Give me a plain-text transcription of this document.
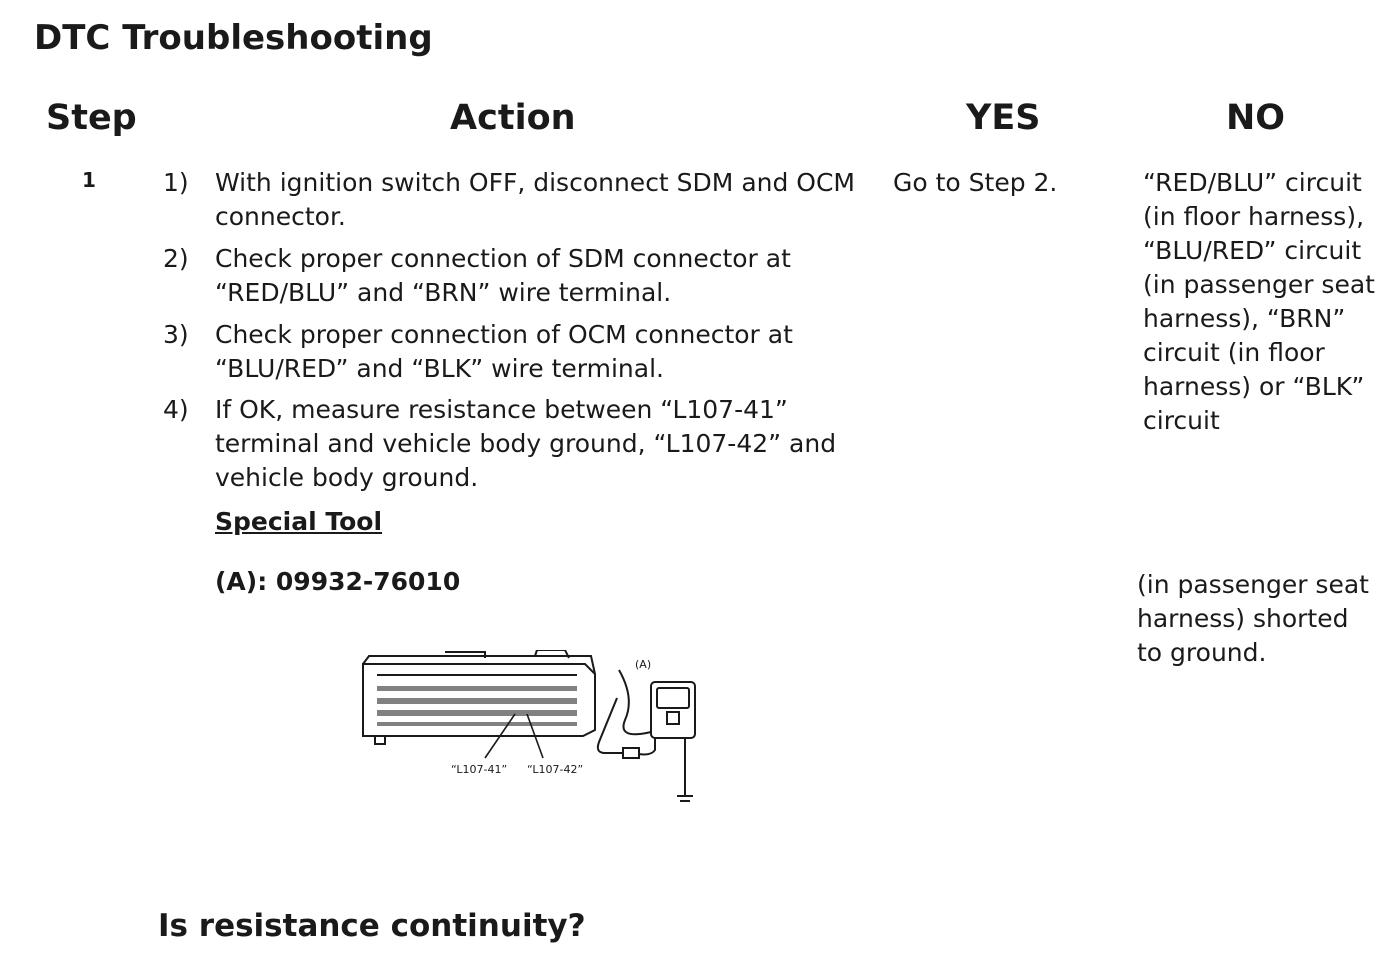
DTC Troubleshooting
Step	Action	YES	NO
1	1) With ignition switch OFF, disconnect SDM and OCM connector.
2) Check proper connection of SDM connector at “RED/BLU” and “BRN” wire terminal.
3) Check proper connection of OCM connector at “BLU/RED” and “BLK” wire terminal.
4) If OK, measure resistance between “L107-41” terminal and vehicle body ground, “L107-42” and vehicle body ground.
Special Tool
(A): 09932-76010
Go to Step 2.	“RED/BLU” circuit (in floor harness), “BLU/RED” circuit (in passenger seat harness), “BRN” circuit (in floor harness) or “BLK” circuit
(in passenger seat harness) shorted to ground.
“L107-41” “L107-42”
(A)
Is resistance continuity?
